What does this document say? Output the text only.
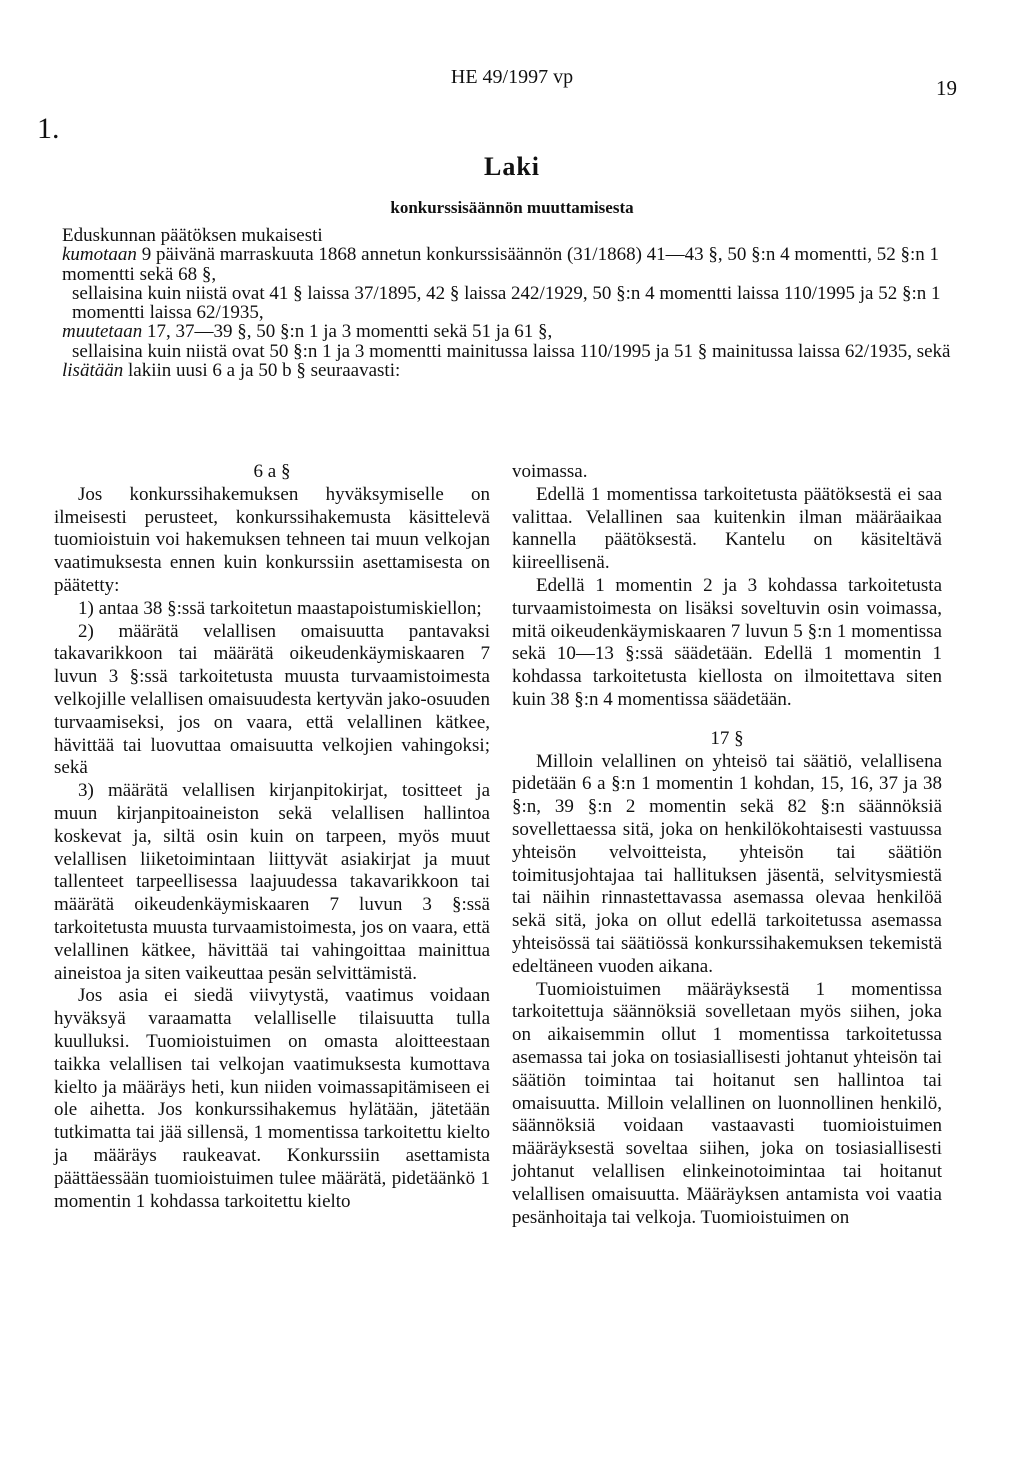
HE 49/1997 vp	19
1.
Laki
konkurssisäännön muuttamisesta

Eduskunnan päätöksen mukaisesti

kumotaan 9 päivänä marraskuuta 1868 annetun konkurssisäännön (31/1868) 41—43 §, 50 §:n 4 momentti, 52 §:n 1 momentti sekä 68 §,

sellaisina kuin niistä ovat 41 § laissa 37/1895, 42 § laissa 242/1929, 50 §:n 4 momentti laissa 110/1995 ja 52 §:n 1 momentti laissa 62/1935,

muutetaan 17, 37—39 §, 50 §:n 1 ja 3 momentti sekä 51 ja 61 §,

sellaisina kuin niistä ovat 50 §:n 1 ja 3 momentti mainitussa laissa 110/1995 ja 51 § mainitussa laissa 62/1935, sekä

lisätään lakiin uusi 6 a ja 50 b § seuraavasti:

6 a §

Jos konkurssihakemuksen hyväksymiselle on ilmeisesti perusteet, konkurssihakemusta käsittelevä tuomioistuin voi hakemuksen tehneen tai muun velkojan vaatimuksesta ennen kuin konkurssiin asettamisesta on päätetty:

1) antaa 38 §:ssä tarkoitetun maastapoistumiskiellon;

2) määrätä velallisen omaisuutta pantavaksi takavarikkoon tai määrätä oikeudenkäymiskaaren 7 luvun 3 §:ssä tarkoitetusta muusta turvaamistoimesta velkojille velallisen omaisuudesta kertyvän jako-osuuden turvaamiseksi, jos on vaara, että velallinen kätkee, hävittää tai luovuttaa omaisuutta velkojien vahingoksi; sekä

3) määrätä velallisen kirjanpitokirjat, tositteet ja muun kirjanpitoaineiston sekä velallisen hallintoa koskevat ja, siltä osin kuin on tarpeen, myös muut velallisen liiketoimintaan liittyvät asiakirjat ja muut tallenteet tarpeellisessa laajuudessa takavarikkoon tai määrätä oikeudenkäymiskaaren 7 luvun 3 §:ssä tarkoitetusta muusta turvaamistoimesta, jos on vaara, että velallinen kätkee, hävittää tai vahingoittaa mainittua aineistoa ja siten vaikeuttaa pesän selvittämistä.

Jos asia ei siedä viivytystä, vaatimus voidaan hyväksyä varaamatta velalliselle tilaisuutta tulla kuulluksi. Tuomioistuimen on omasta aloitteestaan taikka velallisen tai velkojan vaatimuksesta kumottava kielto ja määräys heti, kun niiden voimassapitämiseen ei ole aihetta. Jos konkurssihakemus hylätään, jätetään tutkimatta tai jää sillensä, 1 momentissa tarkoitettu kielto ja määräys raukeavat. Konkurssiin asettamista päättäessään tuomioistuimen tulee määrätä, pidetäänkö 1 momentin 1 kohdassa tarkoitettu kielto

voimassa.

Edellä 1 momentissa tarkoitetusta päätöksestä ei saa valittaa. Velallinen saa kuitenkin ilman määräaikaa kannella päätöksestä. Kantelu on käsiteltävä kiireellisenä.

Edellä 1 momentin 2 ja 3 kohdassa tarkoitetusta turvaamistoimesta on lisäksi soveltuvin osin voimassa, mitä oikeudenkäymiskaaren 7 luvun 5 §:n 1 momentissa sekä 10—13 §:ssä säädetään. Edellä 1 momentin 1 kohdassa tarkoitetusta kiellosta on ilmoitettava siten kuin 38 §:n 4 momentissa säädetään.

17 §

Milloin velallinen on yhteisö tai säätiö, velallisena pidetään 6 a §:n 1 momentin 1 kohdan, 15, 16, 37 ja 38 §:n, 39 §:n 2 momentin sekä 82 §:n säännöksiä sovellettaessa sitä, joka on henkilökohtaisesti vastuussa yhteisön velvoitteista, yhteisön tai säätiön toimitusjohtajaa tai hallituksen jäsentä, selvitysmiestä tai näihin rinnastettavassa asemassa olevaa henkilöä sekä sitä, joka on ollut edellä tarkoitetussa asemassa yhteisössä tai säätiössä konkurssihakemuksen tekemistä edeltäneen vuoden aikana.

Tuomioistuimen määräyksestä 1 momentissa tarkoitettuja säännöksiä sovelletaan myös siihen, joka on aikaisemmin ollut 1 momentissa tarkoitetussa asemassa tai joka on tosiasiallisesti johtanut yhteisön tai säätiön toimintaa tai hoitanut sen hallintoa tai omaisuutta. Milloin velallinen on luonnollinen henkilö, säännöksiä voidaan vastaavasti tuomioistuimen määräyksestä soveltaa siihen, joka on tosiasiallisesti johtanut velallisen elinkeinotoimintaa tai hoitanut velallisen omaisuutta. Määräyksen antamista voi vaatia pesänhoitaja tai velkoja. Tuomioistuimen on
